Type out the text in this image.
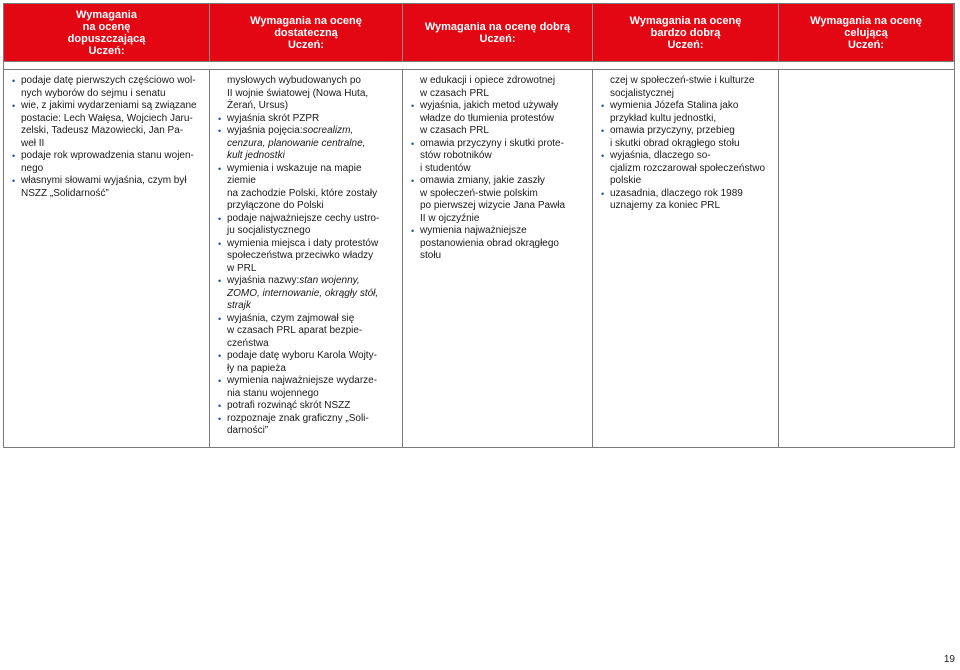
Wymagania
na ocenę
dopuszczającą
Uczeń:
Wymagania na ocenę
dostateczną
Uczeń:
Wymagania na ocenę dobrą
Uczeń:
Wymagania na ocenę
bardzo dobrą
Uczeń:
Wymagania na ocenę
celującą
Uczeń:
• podaje datę pierwszych częściowo wol-
nych wyborów do sejmu i senatu
• wie, z jakimi wydarzeniami są związane
postacie: Lech Wałęsa, Wojciech Jaru-
zelski, Tadeusz Mazowiecki, Jan Pa-
weł II
• podaje rok wprowadzenia stanu wojen-
nego
• własnymi słowami wyjaśnia, czym był
NSZZ „Solidarność”
mysłowych wybudowanych po
II wojnie światowej (Nowa Huta,
Żerań, Ursus)
• wyjaśnia skrót PZPR
• wyjaśnia pojęcia: socrealizm,
cenzura, planowanie centralne,
kult jednostki
• wymienia i wskazuje na mapie
ziemie
na zachodzie Polski, które zostały
przyłączone do Polski
• podaje najważniejsze cechy ustro-
ju socjalistycznego
• wymienia miejsca i daty protestów
społeczeństwa przeciwko władzy
w PRL
• wyjaśnia nazwy: stan wojenny,
ZOMO, internowanie, okrągły stół,
strajk
• wyjaśnia, czym zajmował się
w czasach PRL aparat bezpie-
czeństwa
• podaje datę wyboru Karola Wojty-
ły na papieża
• wymienia najważniejsze wydarze-
nia stanu wojennego
• potrafi rozwinąć skrót NSZZ
• rozpoznaje znak graficzny „Soli-
darności”
w edukacji i opiece zdrowotnej
w czasach PRL
• wyjaśnia, jakich metod używały
władze do tłumienia protestów
w czasach PRL
• omawia przyczyny i skutki prote-
stów robotników
i studentów
• omawia zmiany, jakie zaszły
w społeczeń-stwie polskim
po pierwszej wizycie Jana Pawła
II w ojczyźnie
• wymienia najważniejsze
postanowienia obrad okrągłego
stołu
czej w społeczeń-stwie i kulturze
socjalistycznej
• wymienia Józefa Stalina jako
przykład kultu jednostki,
• omawia przyczyny, przebieg
i skutki obrad okrągłego stołu
• wyjaśnia, dlaczego so-
cjalizm rozczarował społeczeństwo
polskie
• uzasadnia, dlaczego rok 1989
uznajemy za koniec PRL
19
